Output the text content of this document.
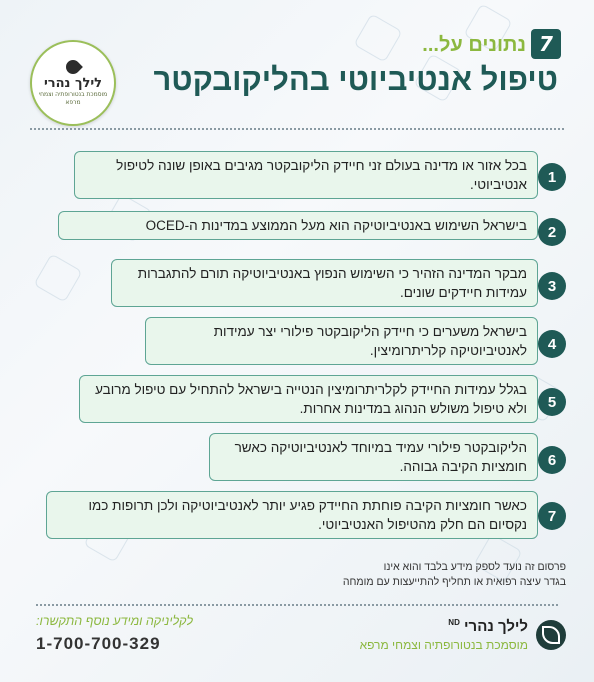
לילך נהרי
מוסמכת בנטורופתיה וצמחי מרפא
7
נתונים על...
טיפול אנטיביוטי בהליקובקטר
בכל אזור או מדינה בעולם זני חיידק הליקובקטר מגיבים באופן שונה לטיפול אנטיביוטי.	1
בישראל השימוש באנטיביוטיקה הוא מעל הממוצע במדינות ה-OCED	2
מבקר המדינה הזהיר כי השימוש הנפוץ באנטיביוטיקה תורם להתגברות עמידות חיידקים שונים.	3
בישראל משערים כי חיידק הליקובקטר פילורי יצר עמידות לאנטיביוטיקה קלריתרומיצין.	4
בגלל עמידות החיידק לקלריתרומיצין הנטייה בישראל להתחיל עם טיפול מרובע ולא טיפול משולש הנהוג במדינות אחרות.	5
הליקובקטר פילורי עמיד במיוחד לאנטיביוטיקה כאשר חומציות הקיבה גבוהה.	6
כאשר חומציות הקיבה פוחתת החיידק פגיע יותר לאנטיביוטיקה ולכן תרופות כמו נקסיום הם חלק מהטיפול האנטיביוטי.	7
פרסום זה נועד לספק מידע בלבד והוא אינו
בגדר עיצה רפואית או תחליף להתייעצות עם מומחה
לקליניקה ומידע נוסף התקשרו:
1-700-700-329
לילך נהרי $^{ND}$
מוסמכת בנטורופתיה וצמחי מרפא
